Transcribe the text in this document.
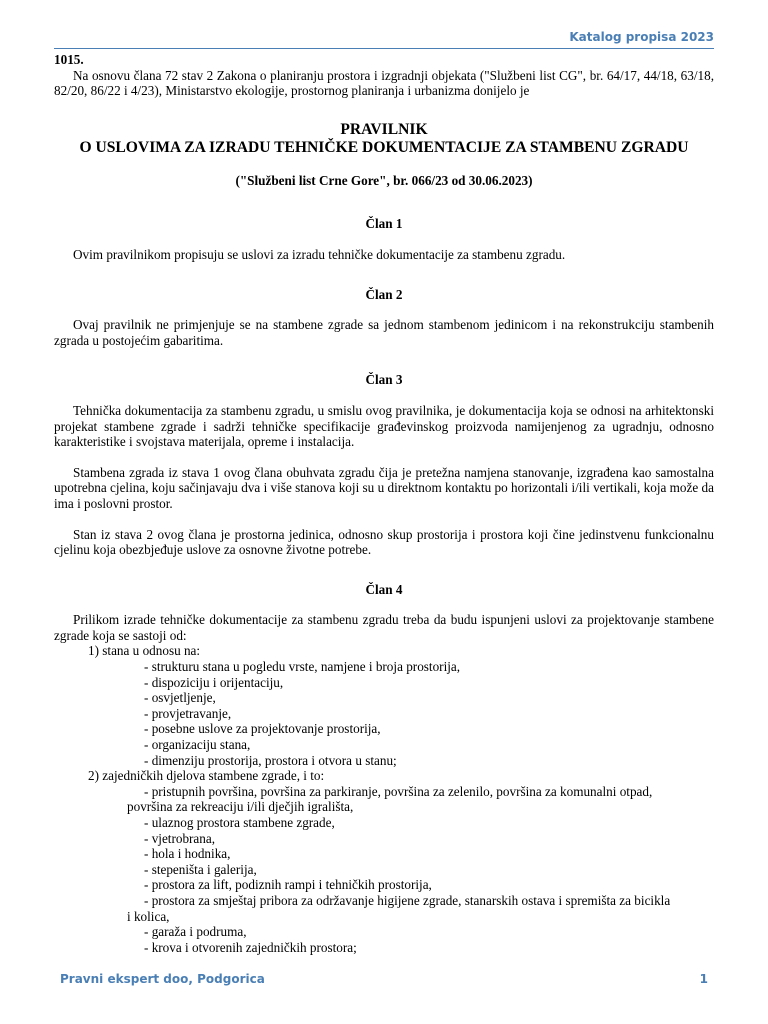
Katalog propisa 2023

1015.

Na osnovu člana 72 stav 2 Zakona o planiranju prostora i izgradnji objekata ("Službeni list CG", br. 64/17, 44/18, 63/18, 82/20, 86/22 i 4/23), Ministarstvo ekologije, prostornog planiranja i urbanizma donijelo je

PRAVILNIK
O USLOVIMA ZA IZRADU TEHNIČKE DOKUMENTACIJE ZA STAMBENU ZGRADU
("Službeni list Crne Gore", br. 066/23 od 30.06.2023)

Član 1

Ovim pravilnikom propisuju se uslovi za izradu tehničke dokumentacije za stambenu zgradu.

Član 2

Ovaj pravilnik ne primjenjuje se na stambene zgrade sa jednom stambenom jedinicom i na rekonstrukciju stambenih zgrada u postojećim gabaritima.

Član 3

Tehnička dokumentacija za stambenu zgradu, u smislu ovog pravilnika, je dokumentacija koja se odnosi na arhitektonski projekat stambene zgrade i sadrži tehničke specifikacije građevinskog proizvoda namijenjenog za ugradnju, odnosno karakteristike i svojstava materijala, opreme i instalacija.

Stambena zgrada iz stava 1 ovog člana obuhvata zgradu čija je pretežna namjena stanovanje, izgrađena kao samostalna upotrebna cjelina, koju sačinjavaju dva i više stanova koji su u direktnom kontaktu po horizontali i/ili vertikali, koja može da ima i poslovni prostor.

Stan iz stava 2 ovog člana je prostorna jedinica, odnosno skup prostorija i prostora koji čine jedinstvenu funkcionalnu cjelinu koja obezbjeđuje uslove za osnovne životne potrebe.

Član 4

Prilikom izrade tehničke dokumentacije za stambenu zgradu treba da budu ispunjeni uslovi za projektovanje stambene zgrade koja se sastoji od:

1) stana u odnosu na:

- strukturu stana u pogledu vrste, namjene i broja prostorija,

- dispoziciju i orijentaciju,

- osvjetljenje,

- provjetravanje,

- posebne uslove za projektovanje prostorija,

- organizaciju stana,

- dimenziju prostorija, prostora i otvora u stanu;

2) zajedničkih djelova stambene zgrade, i to:

- pristupnih površina, površina za parkiranje, površina za zelenilo, površina za komunalni otpad,

površina za rekreaciju i/ili dječjih igrališta,

- ulaznog prostora stambene zgrade,

- vjetrobrana,

- hola i hodnika,

- stepeništa i galerija,

- prostora za lift, podiznih rampi i tehničkih prostorija,

- prostora za smještaj pribora za održavanje higijene zgrade, stanarskih ostava i spremišta za bicikla

i kolica,

- garaža i podruma,

- krova i otvorenih zajedničkih prostora;

Pravni ekspert doo, Podgorica	1
